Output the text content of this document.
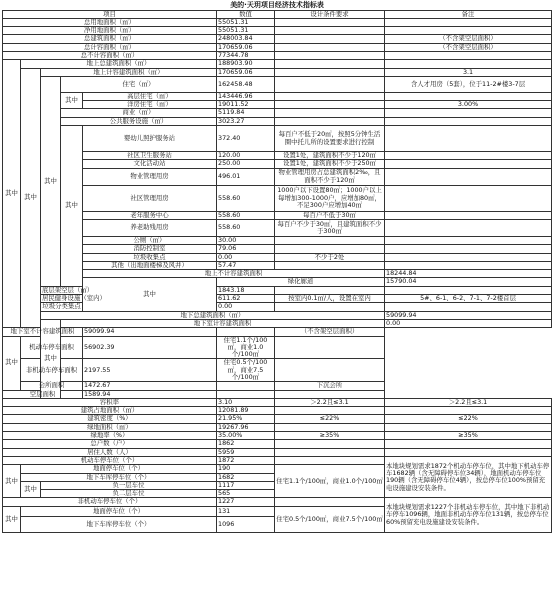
美的·天玥项目经济技术指标表								
项目					数值	设计条件要求	备注	
总用地面积（㎡）					55051.31			
净用地面积（㎡）					55051.31			
总建筑面积（㎡）					248003.84		（不含架空层面积）	
总计容面积（㎡）					170659.06		（不含架空层面积）	
总不计容面积（㎡）					77344.78			
其中	地上总建筑面积（㎡）				188903.90			
	其中	地上计容建筑面积（㎡）			170659.06		3.1	
		其中	住宅（㎡）		162458.48		含人才用房（5套），位于11-2#楼3-7层	
			其中	高层住宅（㎡）	143446.96			
				洋房住宅（㎡）	19011.52		3.00%	
			商业（㎡）		5119.84			
			公共服务设施（㎡）		3023.27			
			其中	婴幼儿照护服务站	372.40	每百户不低于20㎡，按照5分钟生活圈中托儿所的设置要求进行控制		
				社区卫生服务站	120.00	设置1处，建筑面积不少于120㎡		
				文化活动站	250.00	设置1处，建筑面积不少于250㎡		
				物业管理用房	496.01	物业管理用房占总建筑面积2‰，且面积不少于120㎡		
				社区管理用房	558.60	1000户以下设置80㎡；1000户以上每增加300-1000户，应增加80㎡，不足300户应增加40㎡		
				老年服务中心	558.60	每百户不低于30㎡		
				养老助残用房	558.60	每百户不少于30㎡，且建筑面积不少于300㎡		
				公厕（㎡）	30.00			
				消防控制室	79.06			
				垃圾收集点	0.00	不少于2处		
				其他（出地面楼梯及风井）	57.47			
				地上不计容建筑面积			18244.84		
				其中	绿化廊道		15790.04		
		底层架空层（㎡）			1843.18			
		居民健身设施（室内）			611.62	按室内0.1㎡/人，设置在室内	5#、6-1、6-2、7-1、7-2楼首层	
		垃圾分类集点			0.00			
		地下总建筑面积（㎡）					59099.94		
		其中	地下室计容建筑面积				0.00		
地下室不计容建筑面积				59099.94		（不含架空层面积）		
其中	机动车停车面积			56902.39	住宅1.1个/100㎡，商业1.0个/100㎡			
	非机动车停车面积			2197.55	住宅0.5个/100㎡，商业7.5个/100㎡			
	会所面积			1472.67		下沉会所		
空层面积				1589.94				
容积率					3.10	＞2.2且≤3.1	＞2.2且≤3.1	
建筑占地面积（㎡）					12081.89			
建筑密度（%）					21.95%	≤22%	≤22%	
绿地面积（㎡）					19267.96			
绿地率（%）					35.00%	≥35%	≥35%	
总户数（户）					1862			
居住人数（人）					5959			
机动车停车位（个）					1872		本地块规划需求1872个机动车停车位，其中地下机动车停车1682辆（含无障碍停车位34辆），地面机动车停车位190辆（含无障碍停车位4辆），按总停车位100%预留充电设施建设安装条件。	
其中	地面停车位（个）				190	住宅1.1个/100㎡，商业1.0个/100㎡		
	地下车库停车位（个）				1682			
	其中	负一层车位			1117			
		负二层车位			565			
非机动车停车位（个）					1227		本地块规划需求1227个非机动车停车位，其中地下非机动车停车1096辆，地面非机动车停车位131辆，按总停车位60%预留充电设施建设安装条件。	
其中	地面停车位（个）				131	住宅0.5个/100㎡，商业7.5个/100㎡		
	地下车库停车位（个）				1096			
